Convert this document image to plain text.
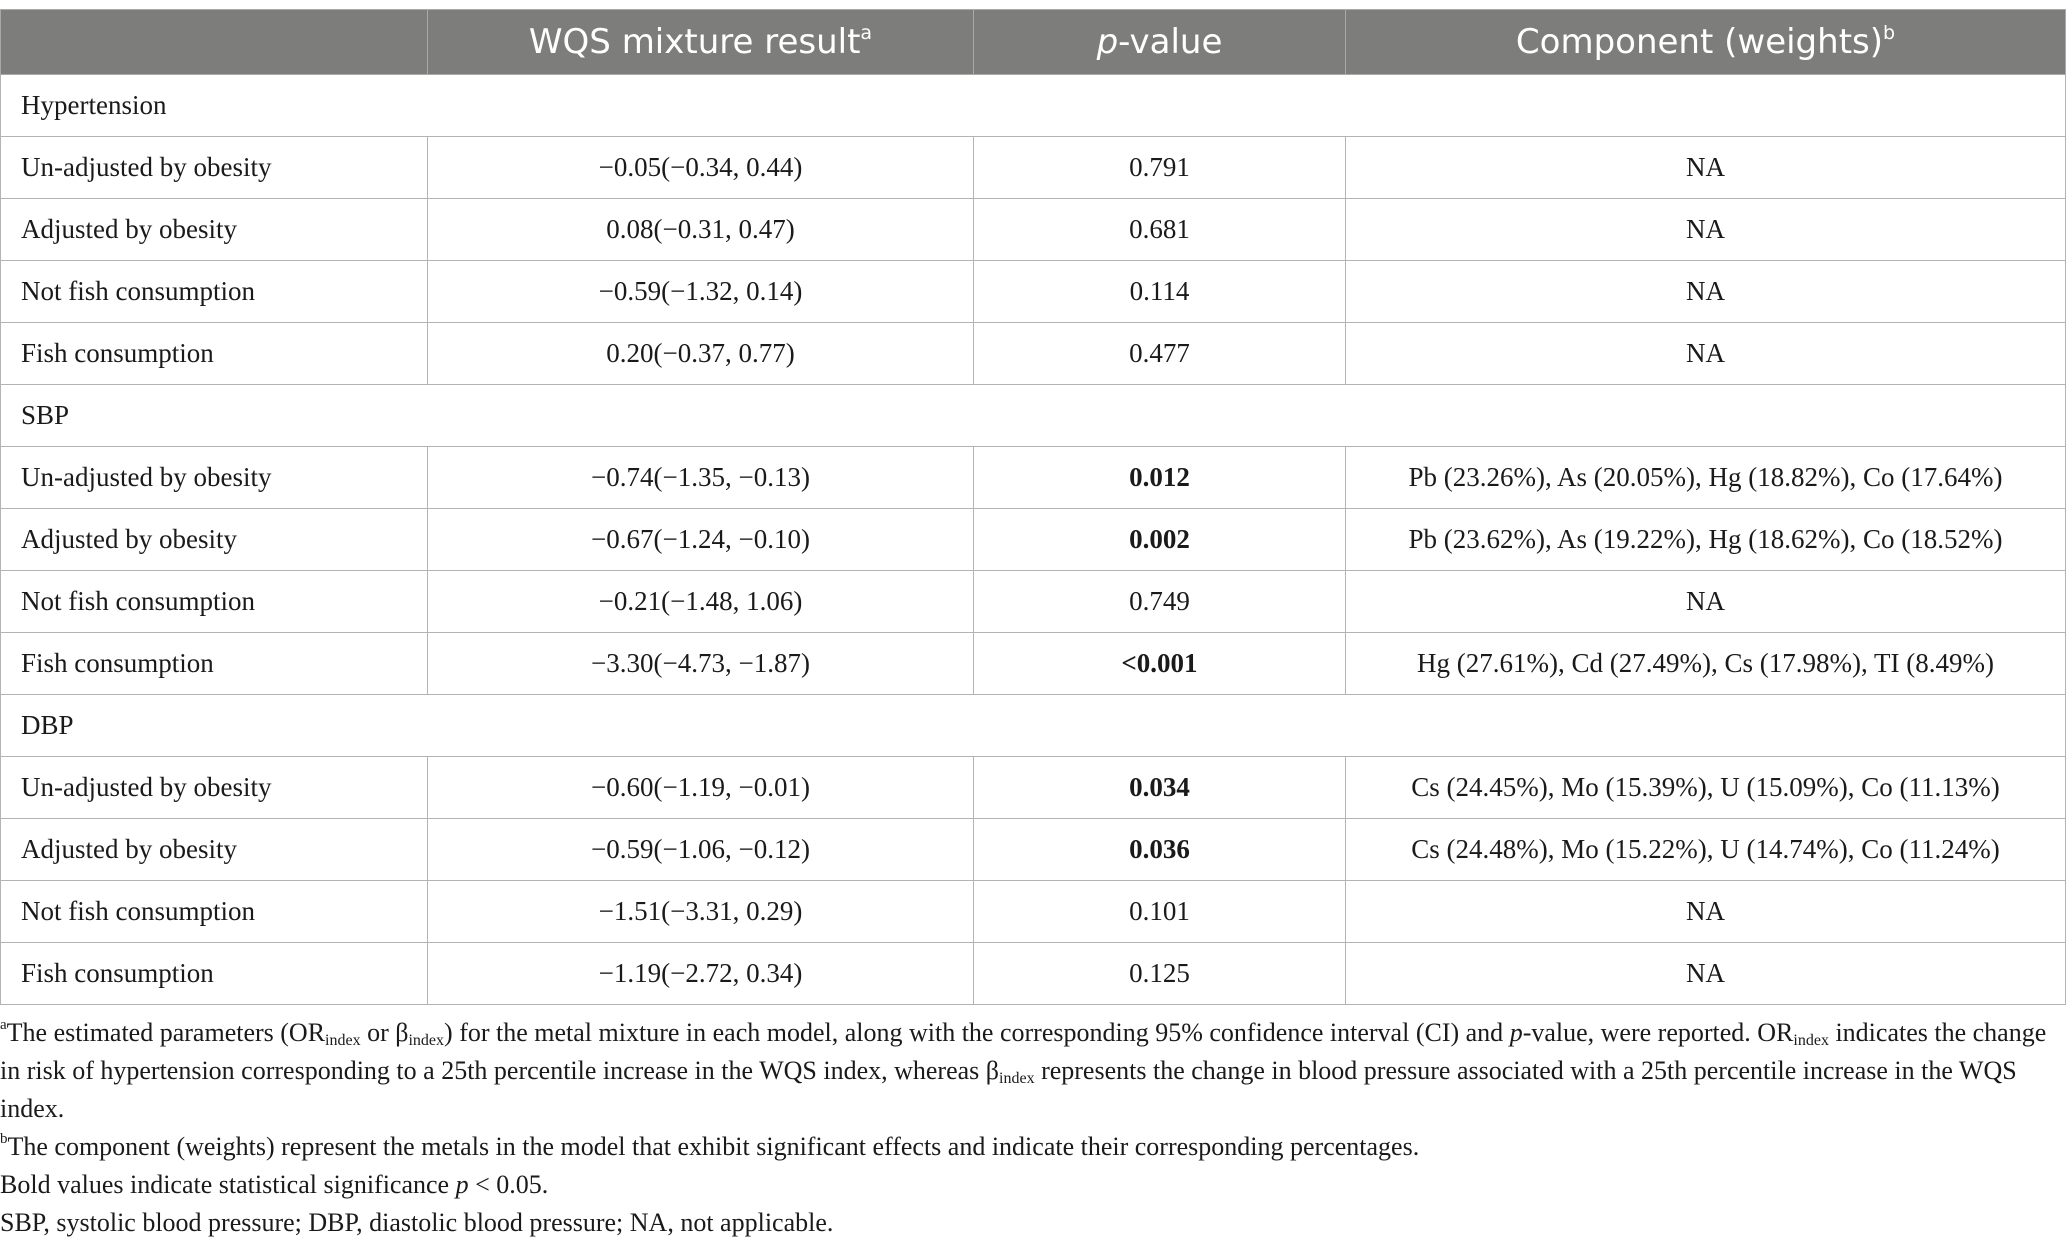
	WQS mixture result$^a$	p-value	Component (weights)$^b$
Hypertension			
Un-adjusted by obesity	−0.05(−0.34, 0.44)	0.791	NA
Adjusted by obesity	0.08(−0.31, 0.47)	0.681	NA
Not fish consumption	−0.59(−1.32, 0.14)	0.114	NA
Fish consumption	0.20(−0.37, 0.77)	0.477	NA
SBP			
Un-adjusted by obesity	−0.74(−1.35, −0.13)	0.012	Pb (23.26%), As (20.05%), Hg (18.82%), Co (17.64%)
Adjusted by obesity	−0.67(−1.24, −0.10)	0.002	Pb (23.62%), As (19.22%), Hg (18.62%), Co (18.52%)
Not fish consumption	−0.21(−1.48, 1.06)	0.749	NA
Fish consumption	−3.30(−4.73, −1.87)	<0.001	Hg (27.61%), Cd (27.49%), Cs (17.98%), TI (8.49%)
DBP			
Un-adjusted by obesity	−0.60(−1.19, −0.01)	0.034	Cs (24.45%), Mo (15.39%), U (15.09%), Co (11.13%)
Adjusted by obesity	−0.59(−1.06, −0.12)	0.036	Cs (24.48%), Mo (15.22%), U (14.74%), Co (11.24%)
Not fish consumption	−1.51(−3.31, 0.29)	0.101	NA
Fish consumption	−1.19(−2.72, 0.34)	0.125	NA

$^a$The estimated parameters ($OR_{index}$ or $\beta_{index}$) for the metal mixture in each model, along with the corresponding 95% confidence interval (CI) and p-value, were reported. $OR_{index}$ indicates the change in risk of hypertension corresponding to a 25th percentile increase in the WQS index, whereas $\beta_{index}$ represents the change in blood pressure associated with a 25th percentile increase in the WQS index.

$^b$The component (weights) represent the metals in the model that exhibit significant effects and indicate their corresponding percentages.

Bold values indicate statistical significance p < 0.05.

SBP, systolic blood pressure; DBP, diastolic blood pressure; NA, not applicable.
